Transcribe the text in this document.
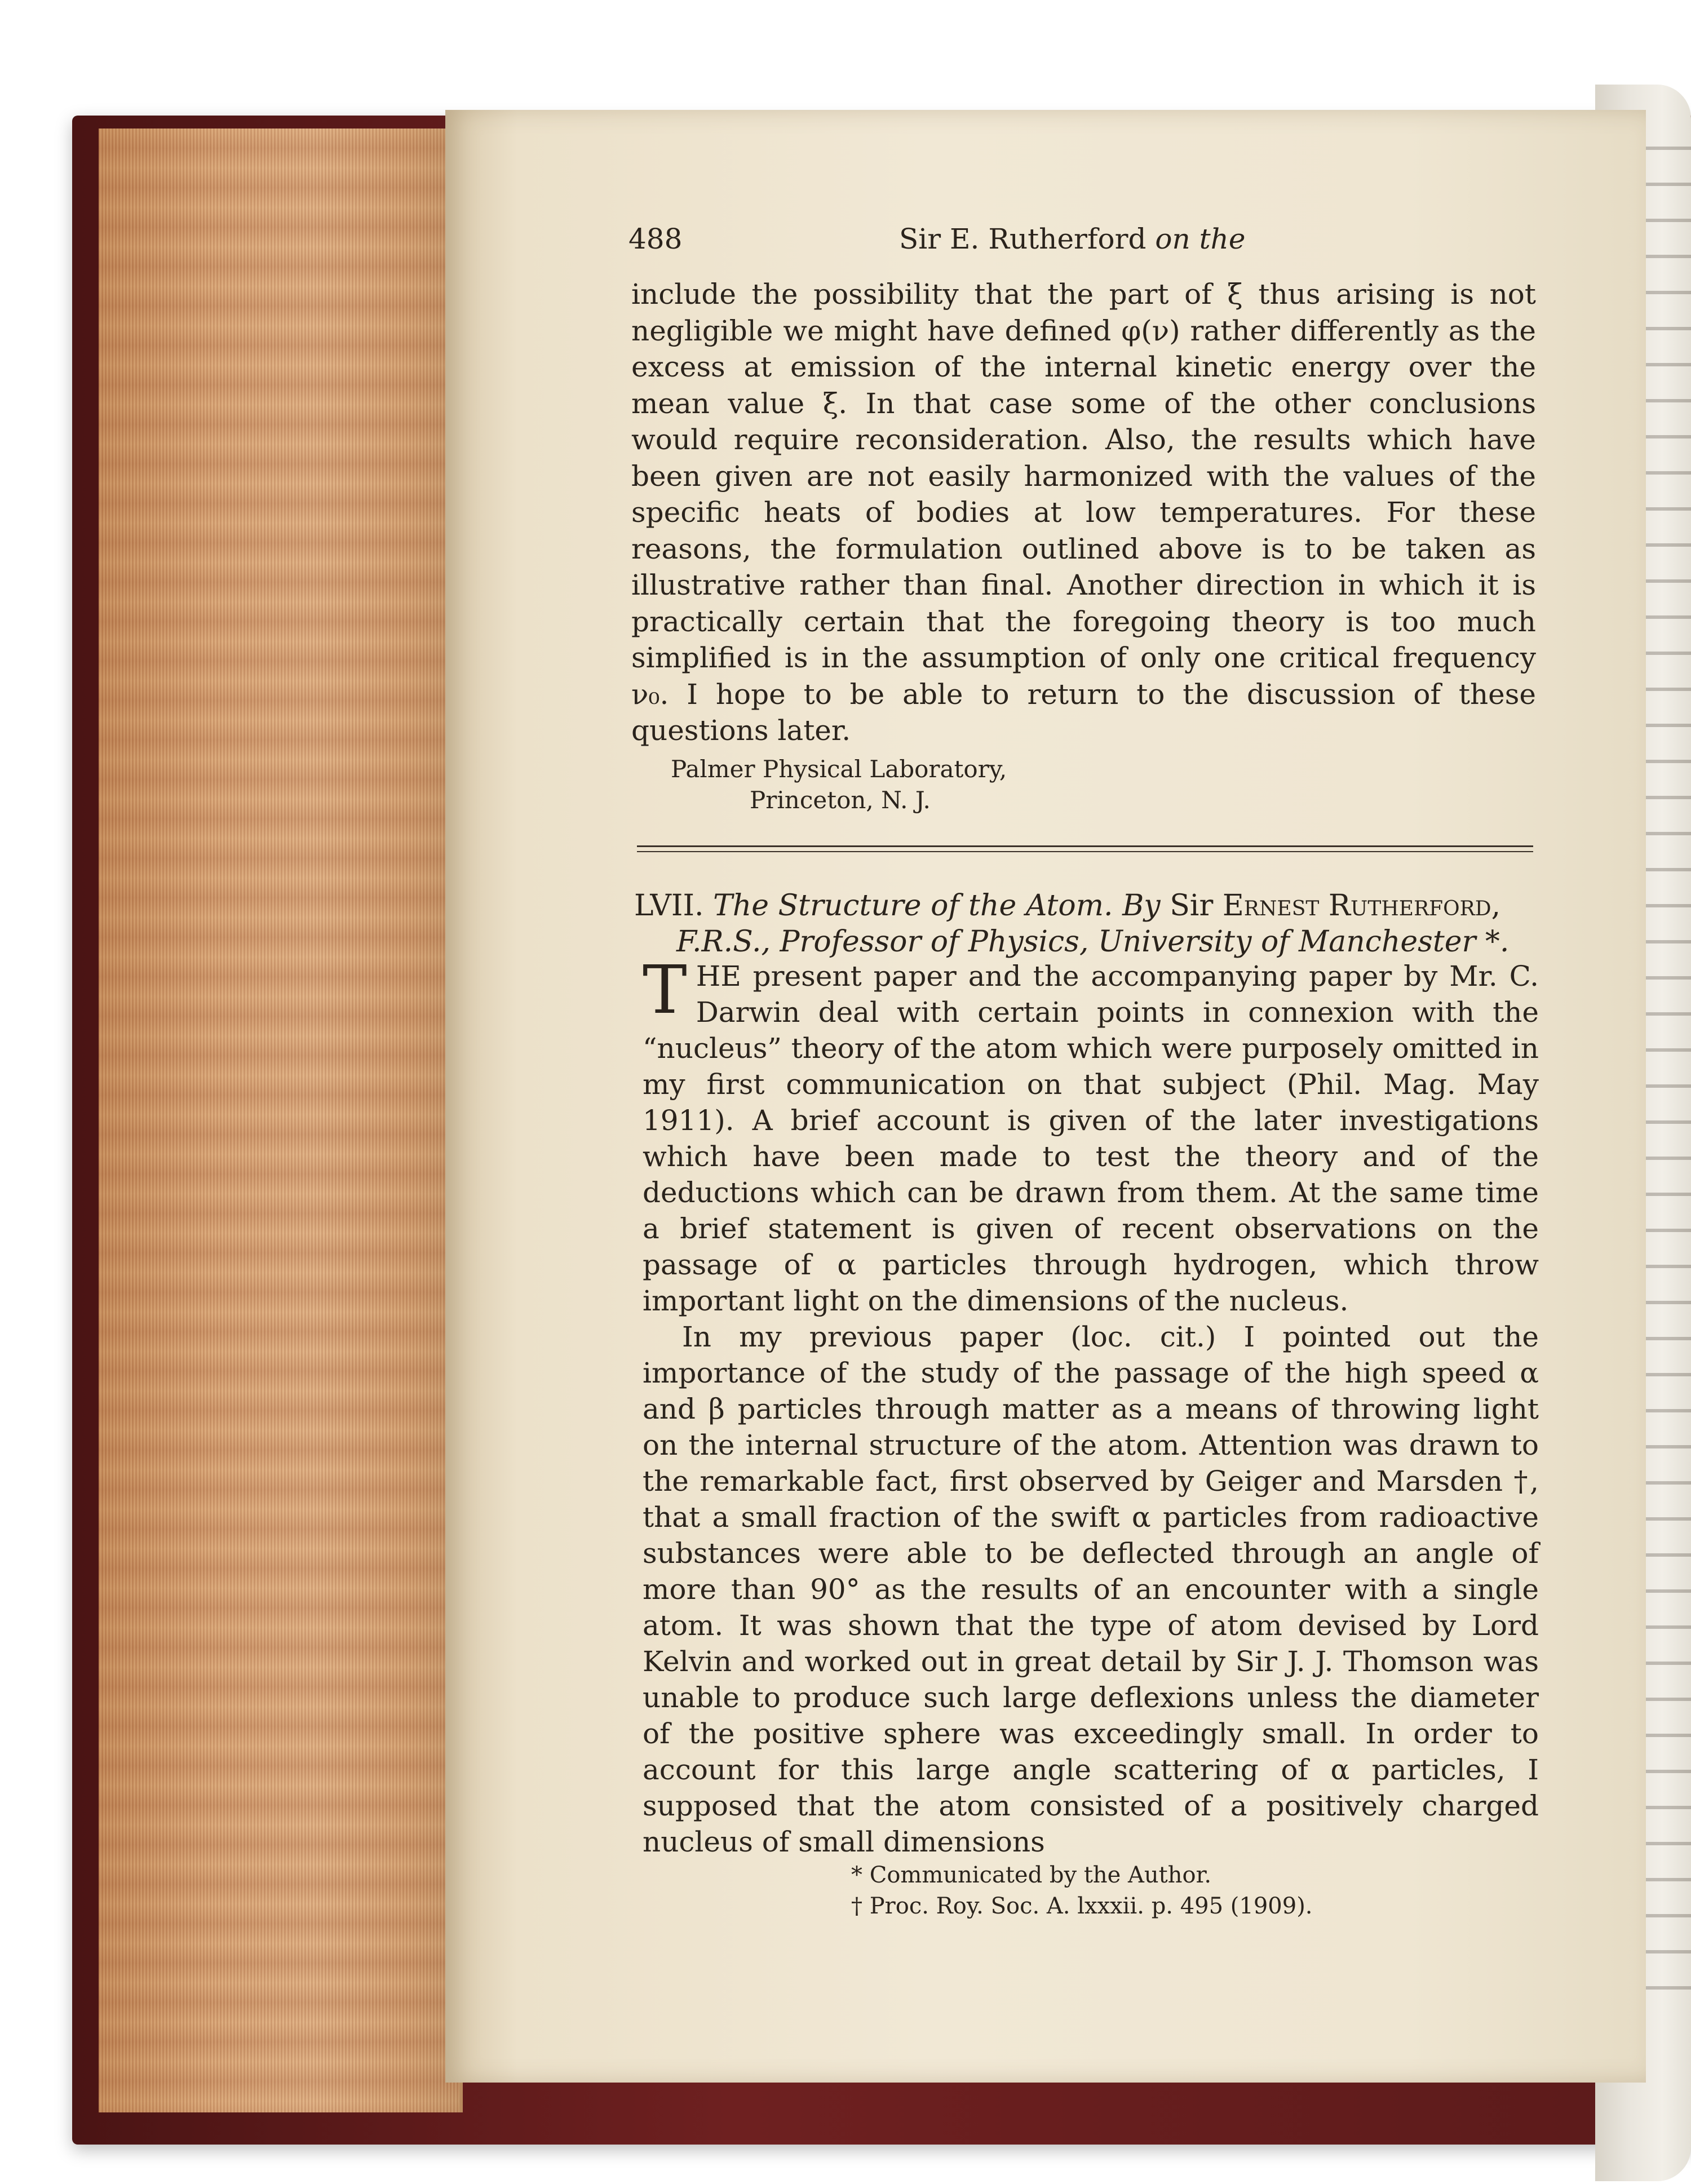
488	Sir E. Rutherford on the

include the possibility that the part of ξ thus arising is not negligible we might have defined φ(ν) rather differently as the excess at emission of the internal kinetic energy over the mean value ξ. In that case some of the other conclusions would require reconsideration. Also, the results which have been given are not easily harmonized with the values of the specific heats of bodies at low temperatures. For these reasons, the formulation outlined above is to be taken as illustrative rather than final. Another direction in which it is practically certain that the foregoing theory is too much simplified is in the assumption of only one critical frequency ν₀. I hope to be able to return to the discussion of these questions later.

Palmer Physical Laboratory,
Princeton, N. J.
LVII. The Structure of the Atom. By Sir Ernest Rutherford,
F.R.S., Professor of Physics, University of Manchester *.

THE present paper and the accompanying paper by Mr. C. Darwin deal with certain points in connexion with the “nucleus” theory of the atom which were purposely omitted in my first communication on that subject (Phil. Mag. May 1911). A brief account is given of the later investigations which have been made to test the theory and of the deductions which can be drawn from them. At the same time a brief statement is given of recent observations on the passage of α particles through hydrogen, which throw important light on the dimensions of the nucleus.

In my previous paper (loc. cit.) I pointed out the importance of the study of the passage of the high speed α and β particles through matter as a means of throwing light on the internal structure of the atom. Attention was drawn to the remarkable fact, first observed by Geiger and Marsden †, that a small fraction of the swift α particles from radioactive substances were able to be deflected through an angle of more than 90° as the results of an encounter with a single atom. It was shown that the type of atom devised by Lord Kelvin and worked out in great detail by Sir J. J. Thomson was unable to produce such large deflexions unless the diameter of the positive sphere was exceedingly small. In order to account for this large angle scattering of α particles, I supposed that the atom consisted of a positively charged nucleus of small dimensions

* Communicated by the Author.
† Proc. Roy. Soc. A. lxxxii. p. 495 (1909).
